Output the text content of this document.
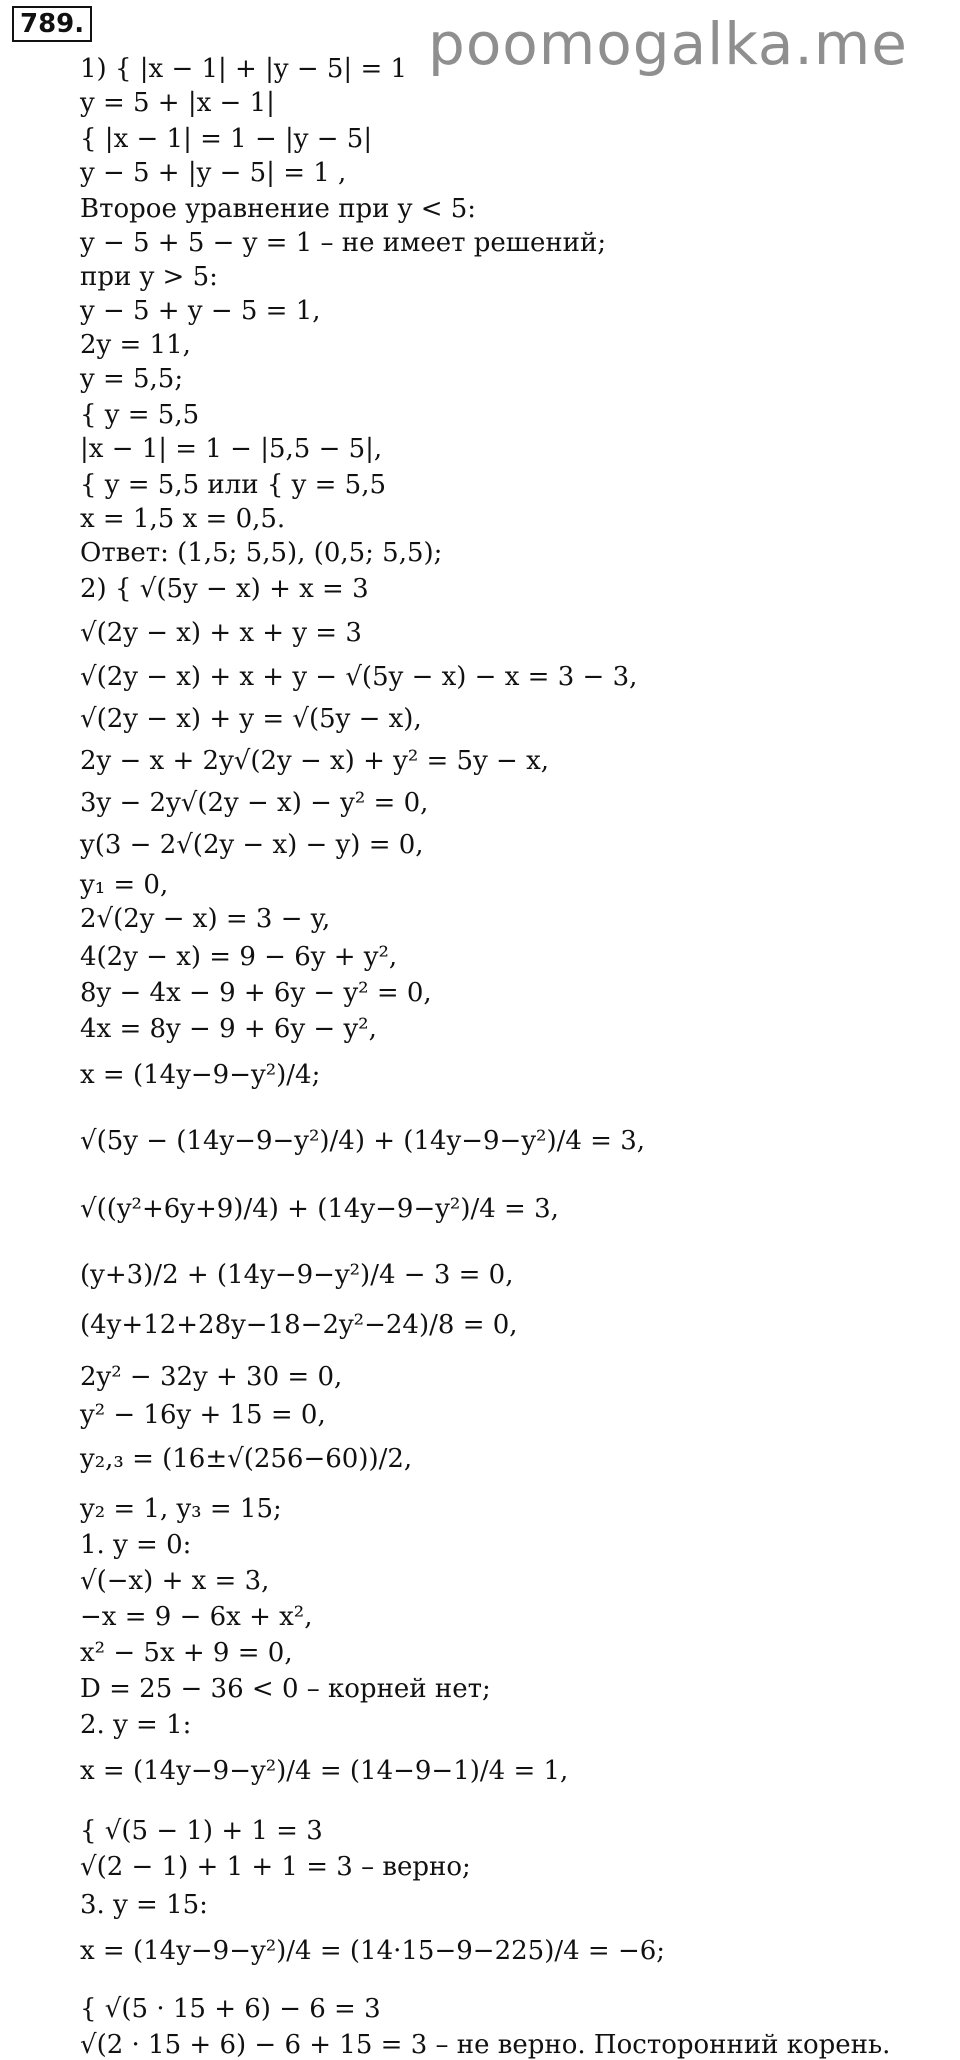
789.	poomogalka.me
1) { |x − 1| + |y − 5| = 1
y = 5 + |x − 1|
{ |x − 1| = 1 − |y − 5|
y − 5 + |y − 5| = 1 ,
Второе уравнение при y < 5:
y − 5 + 5 − y = 1 – не имеет решений;
при y > 5:
y − 5 + y − 5 = 1,
2y = 11,
y = 5,5;
{ y = 5,5
|x − 1| = 1 − |5,5 − 5|,
{ y = 5,5 или { y = 5,5
x = 1,5 x = 0,5.
Ответ: (1,5; 5,5), (0,5; 5,5);
2) { √(5y − x) + x = 3
√(2y − x) + x + y = 3
√(2y − x) + x + y − √(5y − x) − x = 3 − 3,
√(2y − x) + y = √(5y − x),
2y − x + 2y√(2y − x) + y² = 5y − x,
3y − 2y√(2y − x) − y² = 0,
y(3 − 2√(2y − x) − y) = 0,
y₁ = 0,
2√(2y − x) = 3 − y,
4(2y − x) = 9 − 6y + y²,
8y − 4x − 9 + 6y − y² = 0,
4x = 8y − 9 + 6y − y²,
x = (14y−9−y²)/4;
√(5y − (14y−9−y²)/4) + (14y−9−y²)/4 = 3,
√((y²+6y+9)/4) + (14y−9−y²)/4 = 3,
(y+3)/2 + (14y−9−y²)/4 − 3 = 0,
(4y+12+28y−18−2y²−24)/8 = 0,
2y² − 32y + 30 = 0,
y² − 16y + 15 = 0,
y₂,₃ = (16±√(256−60))/2,
y₂ = 1, y₃ = 15;
1. y = 0:
√(−x) + x = 3,
−x = 9 − 6x + x²,
x² − 5x + 9 = 0,
D = 25 − 36 < 0 – корней нет;
2. y = 1:
x = (14y−9−y²)/4 = (14−9−1)/4 = 1,
{ √(5 − 1) + 1 = 3
√(2 − 1) + 1 + 1 = 3 – верно;
3. y = 15:
x = (14y−9−y²)/4 = (14·15−9−225)/4 = −6;
{ √(5 · 15 + 6) − 6 = 3
√(2 · 15 + 6) − 6 + 15 = 3 – не верно. Посторонний корень.
